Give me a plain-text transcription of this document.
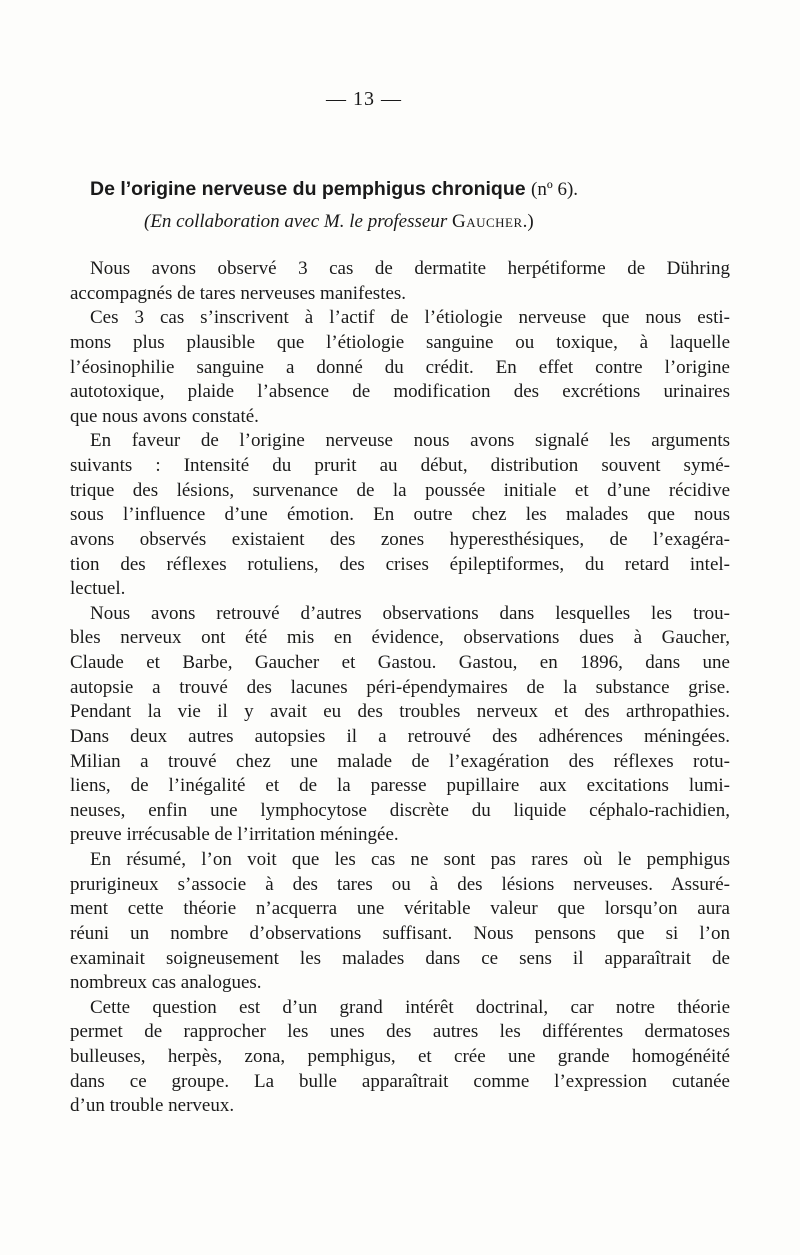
— 13 —
De l’origine nerveuse du pemphigus chronique (nº 6).
(En collaboration avec M. le professeur Gaucher.)
Nous avons observé 3 cas de dermatite herpétiforme de Dühring
accompagnés de tares nerveuses manifestes.
Ces 3 cas s’inscrivent à l’actif de l’étiologie nerveuse que nous esti-
mons plus plausible que l’étiologie sanguine ou toxique, à laquelle
l’éosinophilie sanguine a donné du crédit. En effet contre l’origine
autotoxique, plaide l’absence de modification des excrétions urinaires
que nous avons constaté.
En faveur de l’origine nerveuse nous avons signalé les arguments
suivants : Intensité du prurit au début, distribution souvent symé-
trique des lésions, survenance de la poussée initiale et d’une récidive
sous l’influence d’une émotion. En outre chez les malades que nous
avons observés existaient des zones hyperesthésiques, de l’exagéra-
tion des réflexes rotuliens, des crises épileptiformes, du retard intel-
lectuel.
Nous avons retrouvé d’autres observations dans lesquelles les trou-
bles nerveux ont été mis en évidence, observations dues à Gaucher,
Claude et Barbe, Gaucher et Gastou. Gastou, en 1896, dans une
autopsie a trouvé des lacunes péri-épendymaires de la substance grise.
Pendant la vie il y avait eu des troubles nerveux et des arthropathies.
Dans deux autres autopsies il a retrouvé des adhérences méningées.
Milian a trouvé chez une malade de l’exagération des réflexes rotu-
liens, de l’inégalité et de la paresse pupillaire aux excitations lumi-
neuses, enfin une lymphocytose discrète du liquide céphalo-rachidien,
preuve irrécusable de l’irritation méningée.
En résumé, l’on voit que les cas ne sont pas rares où le pemphigus
prurigineux s’associe à des tares ou à des lésions nerveuses. Assuré-
ment cette théorie n’acquerra une véritable valeur que lorsqu’on aura
réuni un nombre d’observations suffisant. Nous pensons que si l’on
examinait soigneusement les malades dans ce sens il apparaîtrait de
nombreux cas analogues.
Cette question est d’un grand intérêt doctrinal, car notre théorie
permet de rapprocher les unes des autres les différentes dermatoses
bulleuses, herpès, zona, pemphigus, et crée une grande homogénéité
dans ce groupe. La bulle apparaîtrait comme l’expression cutanée
d’un trouble nerveux.
